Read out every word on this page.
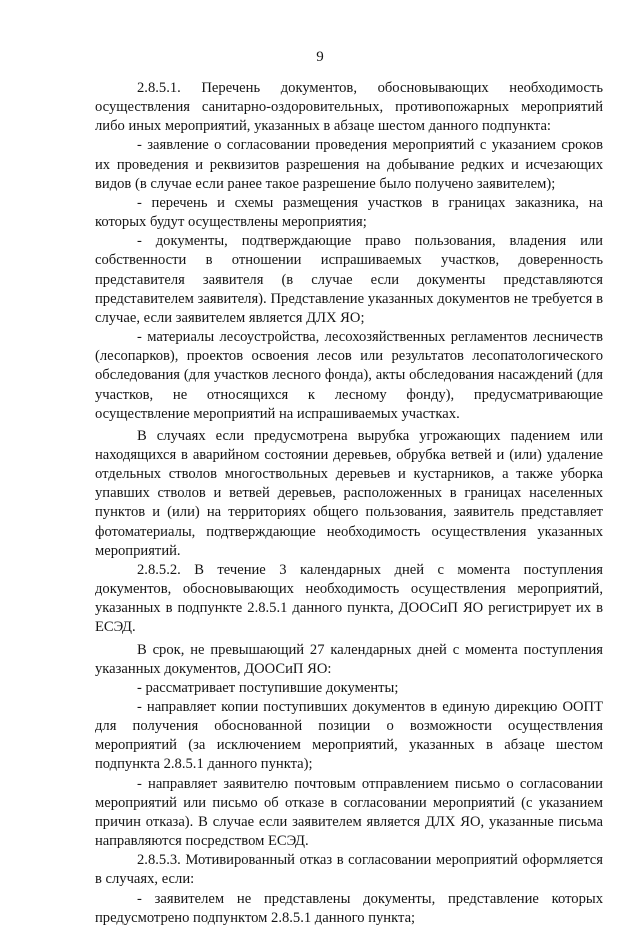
9

2.8.5.1. Перечень документов, обосновывающих необходимость осуществления санитарно-оздоровительных, противопожарных мероприятий либо иных мероприятий, указанных в абзаце шестом данного подпункта:

- заявление о согласовании проведения мероприятий с указанием сроков их проведения и реквизитов разрешения на добывание редких и исчезающих видов (в случае если ранее такое разрешение было получено заявителем);

- перечень и схемы размещения участков в границах заказника, на которых будут осуществлены мероприятия;

- документы, подтверждающие право пользования, владения или собственности в отношении испрашиваемых участков, доверенность представителя заявителя (в случае если документы представляются представителем заявителя). Представление указанных документов не требуется в случае, если заявителем является ДЛХ ЯО;

- материалы лесоустройства, лесохозяйственных регламентов лесничеств (лесопарков), проектов освоения лесов или результатов лесопатологического обследования (для участков лесного фонда), акты обследования насаждений (для участков, не относящихся к лесному фонду), предусматривающие осуществление мероприятий на испрашиваемых участках.

В случаях если предусмотрена вырубка угрожающих падением или находящихся в аварийном состоянии деревьев, обрубка ветвей и (или) удаление отдельных стволов многоствольных деревьев и кустарников, а также уборка упавших стволов и ветвей деревьев, расположенных в границах населенных пунктов и (или) на территориях общего пользования, заявитель представляет фотоматериалы, подтверждающие необходимость осуществления указанных мероприятий.

2.8.5.2. В течение 3 календарных дней с момента поступления документов, обосновывающих необходимость осуществления мероприятий, указанных в подпункте 2.8.5.1 данного пункта, ДООСиП ЯО регистрирует их в ЕСЭД.

В срок, не превышающий 27 календарных дней с момента поступления указанных документов, ДООСиП ЯО:

- рассматривает поступившие документы;

- направляет копии поступивших документов в единую дирекцию ООПТ для получения обоснованной позиции о возможности осуществления мероприятий (за исключением мероприятий, указанных в абзаце шестом подпункта 2.8.5.1 данного пункта);

- направляет заявителю почтовым отправлением письмо о согласовании мероприятий или письмо об отказе в согласовании мероприятий (с указанием причин отказа). В случае если заявителем является ДЛХ ЯО, указанные письма направляются посредством ЕСЭД.

2.8.5.3. Мотивированный отказ в согласовании мероприятий оформляется в случаях, если:

- заявителем не представлены документы, представление которых предусмотрено подпунктом 2.8.5.1 данного пункта;
